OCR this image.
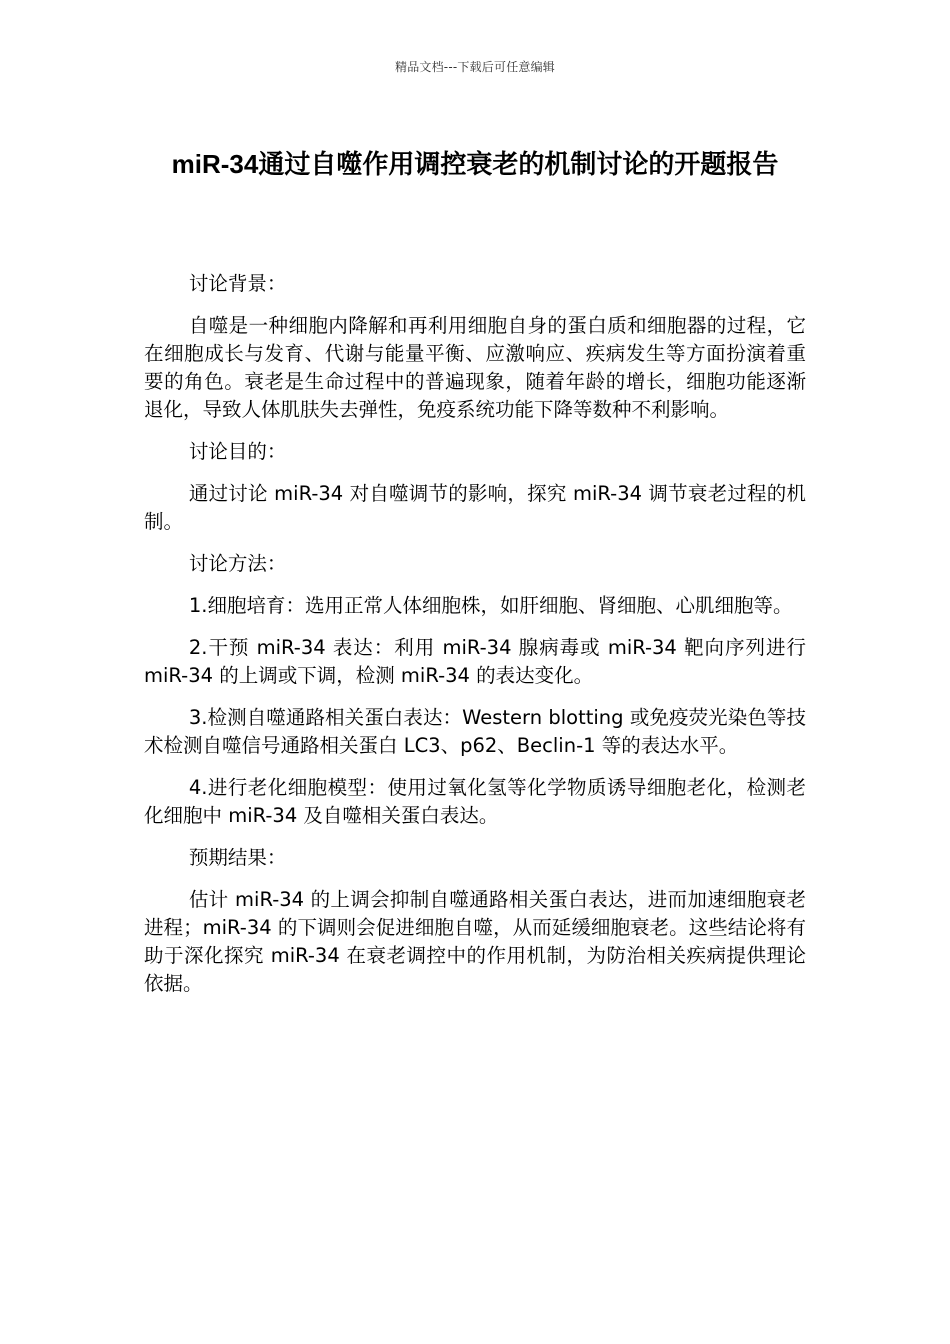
精品文档---下载后可任意编辑
miR-34通过自噬作用调控衰老的机制讨论的开题报告

讨论背景：

自噬是一种细胞内降解和再利用细胞自身的蛋白质和细胞器的过程，它在细胞成长与发育、代谢与能量平衡、应激响应、疾病发生等方面扮演着重要的角色。衰老是生命过程中的普遍现象，随着年龄的增长，细胞功能逐渐退化，导致人体肌肤失去弹性，免疫系统功能下降等数种不利影响。

讨论目的：

通过讨论 miR-34 对自噬调节的影响，探究 miR-34 调节衰老过程的机制。

讨论方法：

1.细胞培育：选用正常人体细胞株，如肝细胞、肾细胞、心肌细胞等。

2.干预 miR-34 表达：利用 miR-34 腺病毒或 miR-34 靶向序列进行 miR-34 的上调或下调，检测 miR-34 的表达变化。

3.检测自噬通路相关蛋白表达：Western blotting 或免疫荧光染色等技术检测自噬信号通路相关蛋白 LC3、p62、Beclin-1 等的表达水平。

4.进行老化细胞模型：使用过氧化氢等化学物质诱导细胞老化，检测老化细胞中 miR-34 及自噬相关蛋白表达。

预期结果：

估计 miR-34 的上调会抑制自噬通路相关蛋白表达，进而加速细胞衰老进程；miR-34 的下调则会促进细胞自噬，从而延缓细胞衰老。这些结论将有助于深化探究 miR-34 在衰老调控中的作用机制，为防治相关疾病提供理论依据。
